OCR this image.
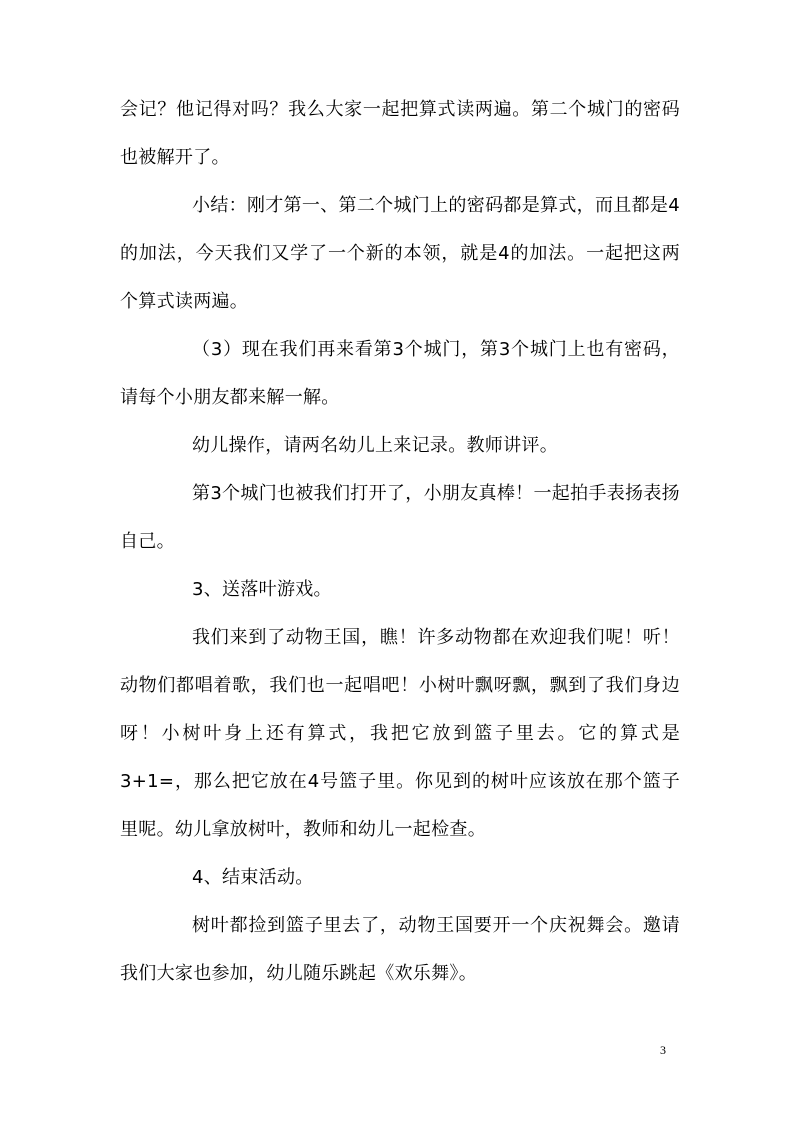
会记？他记得对吗？我么大家一起把算式读两遍。第二个城门的密码也被解开了。

小结：刚才第一、第二个城门上的密码都是算式，而且都是4的加法，今天我们又学了一个新的本领，就是4的加法。一起把这两个算式读两遍。

（3）现在我们再来看第3个城门，第3个城门上也有密码，请每个小朋友都来解一解。

幼儿操作，请两名幼儿上来记录。教师讲评。

第3个城门也被我们打开了，小朋友真棒！一起拍手表扬表扬自己。

3、送落叶游戏。

我们来到了动物王国，瞧！许多动物都在欢迎我们呢！听！动物们都唱着歌，我们也一起唱吧！小树叶飘呀飘，飘到了我们身边呀！小树叶身上还有算式，我把它放到篮子里去。它的算式是3+1=，那么把它放在4号篮子里。你见到的树叶应该放在那个篮子里呢。幼儿拿放树叶，教师和幼儿一起检查。

4、结束活动。

树叶都捡到篮子里去了，动物王国要开一个庆祝舞会。邀请我们大家也参加，幼儿随乐跳起《欢乐舞》。

3
